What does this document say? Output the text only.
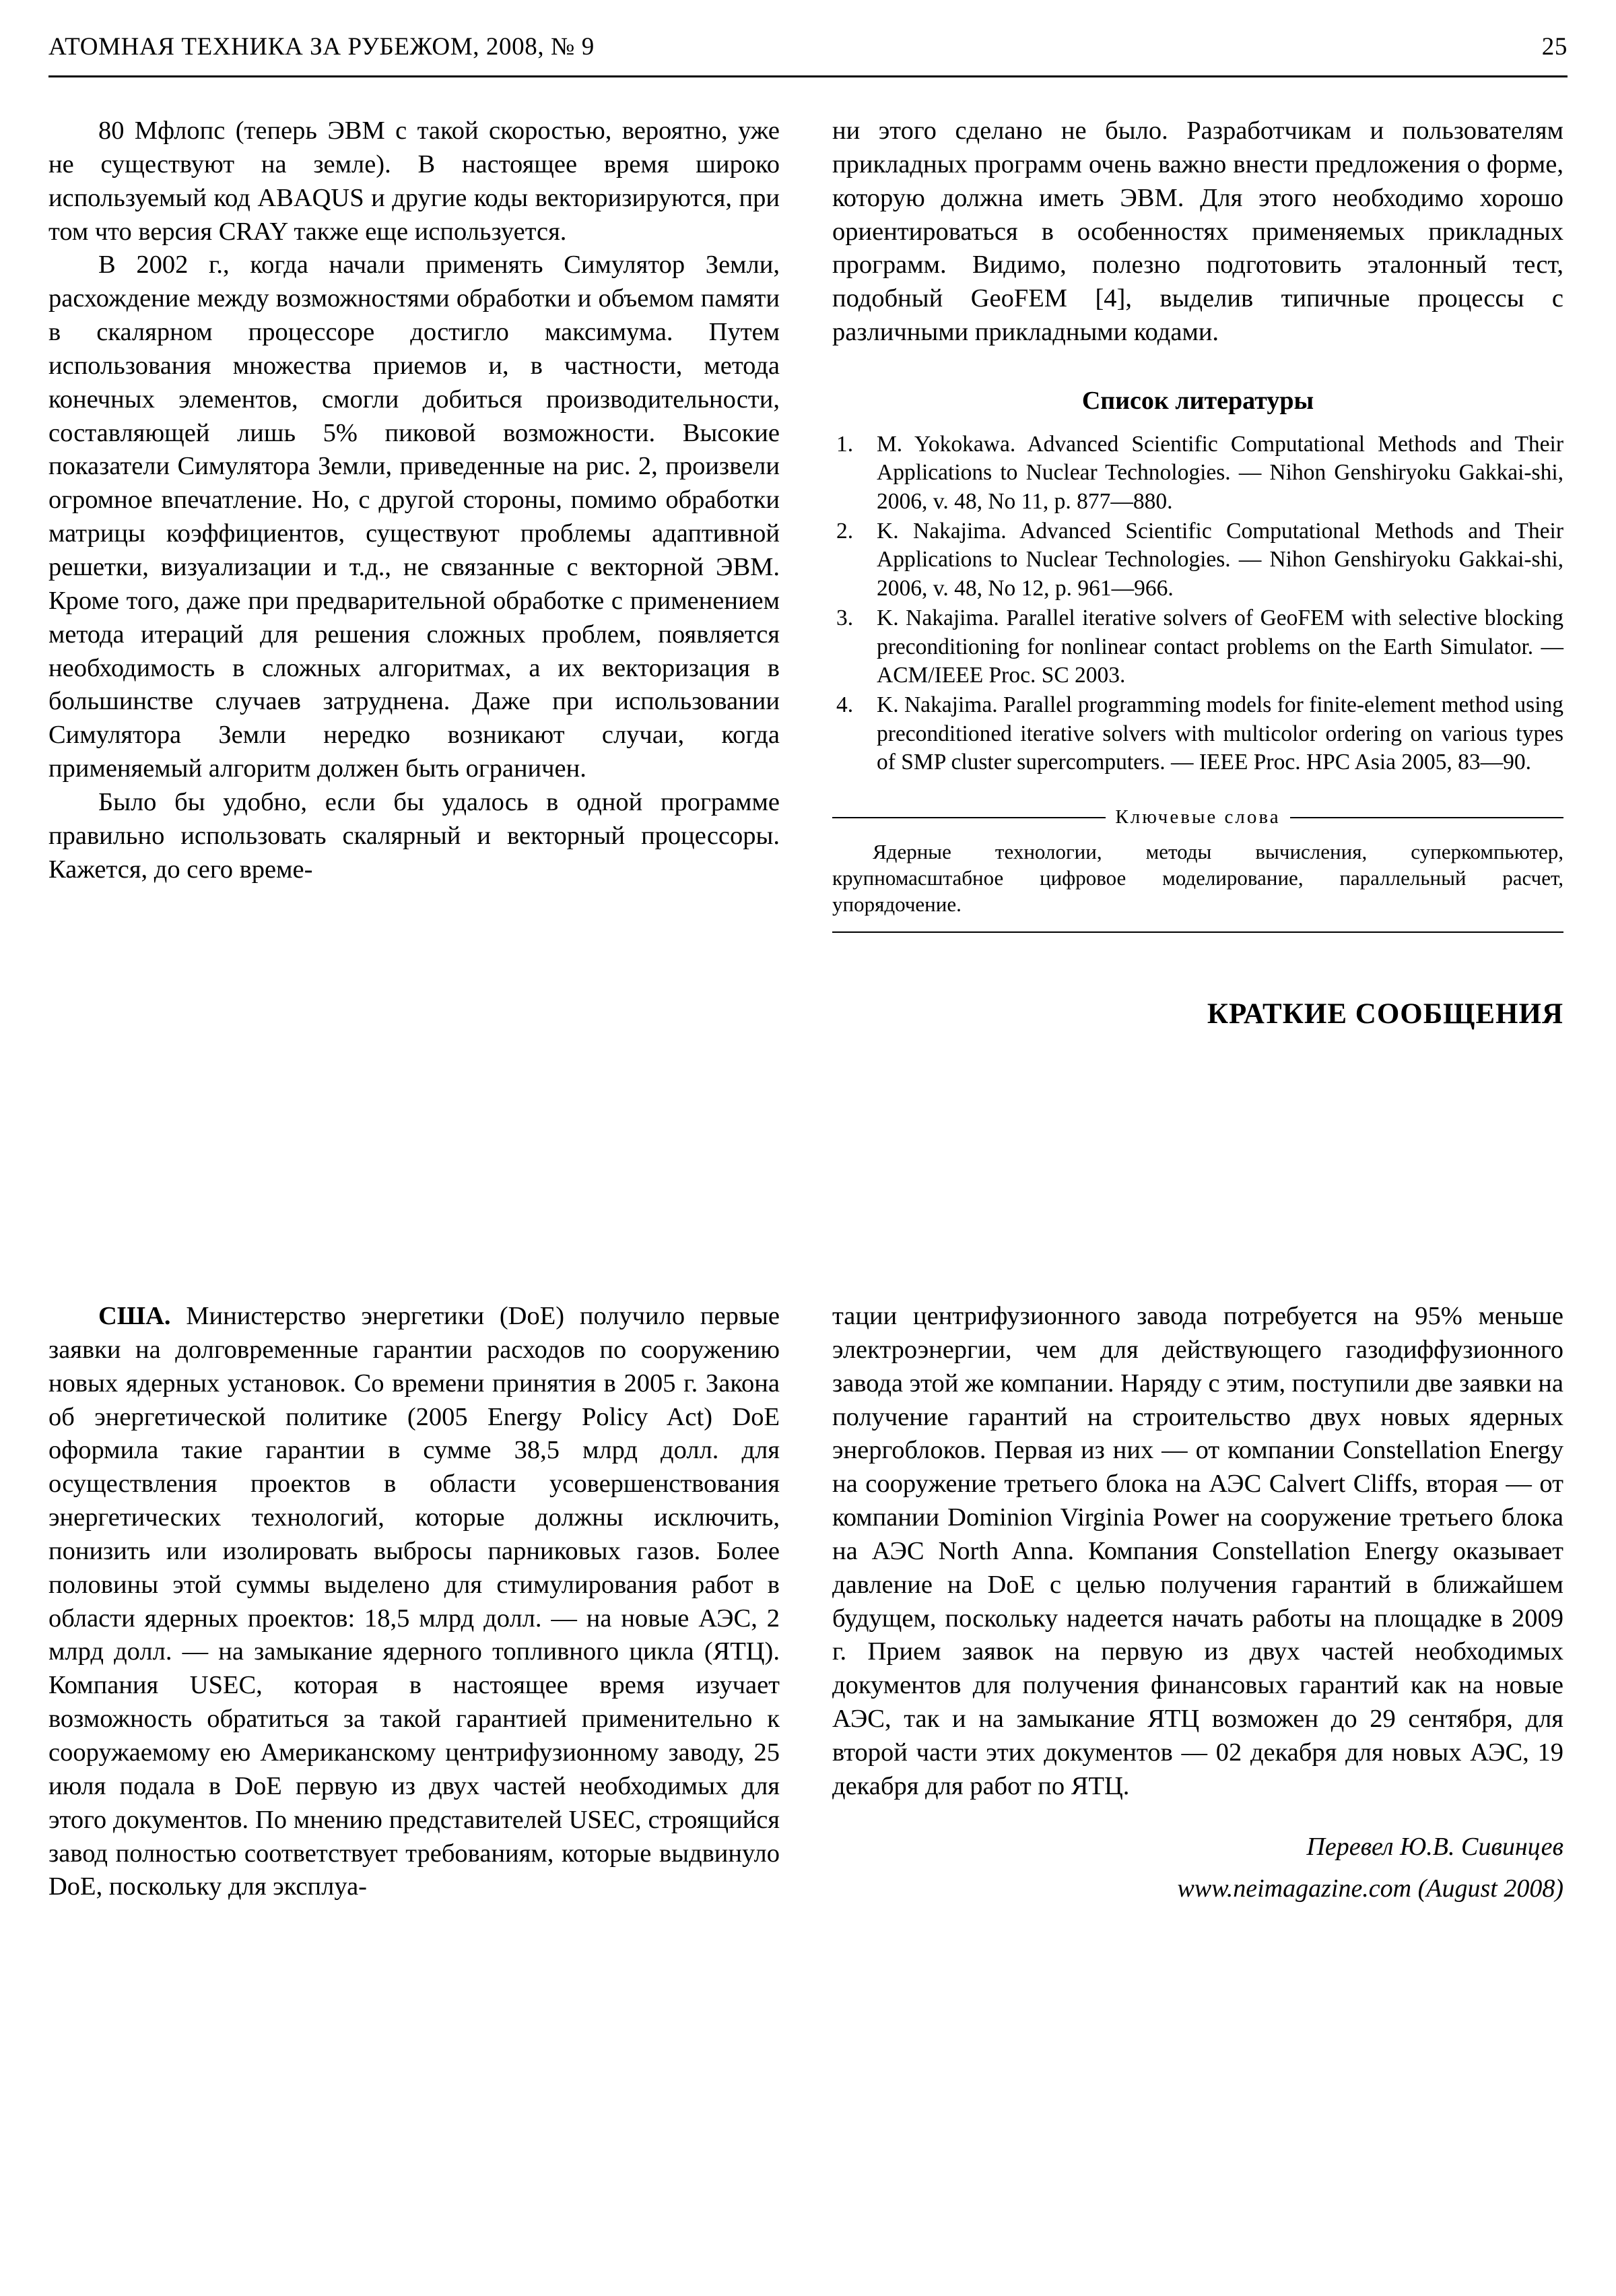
АТОМНАЯ ТЕХНИКА ЗА РУБЕЖОМ, 2008, № 9	25

80 Мфлопс (теперь ЭВМ с такой скоростью, вероятно, уже не существуют на земле). В настоящее время широко используемый код ABAQUS и другие коды векторизируются, при том что версия CRAY также еще используется.

В 2002 г., когда начали применять Симулятор Земли, расхождение между возможностями обработки и объемом памяти в скалярном процессоре достигло максимума. Путем использования множества приемов и, в частности, метода конечных элементов, смогли добиться производительности, составляющей лишь 5% пиковой возможности. Высокие показатели Симулятора Земли, приведенные на рис. 2, произвели огромное впечатление. Но, с другой стороны, помимо обработки матрицы коэффициентов, существуют проблемы адаптивной решетки, визуализации и т.д., не связанные с векторной ЭВМ. Кроме того, даже при предварительной обработке с применением метода итераций для решения сложных проблем, появляется необходимость в сложных алгоритмах, а их векторизация в большинстве случаев затруднена. Даже при использовании Симулятора Земли нередко возникают случаи, когда применяемый алгоритм должен быть ограничен.

Было бы удобно, если бы удалось в одной программе правильно использовать скалярный и векторный процессоры. Кажется, до сего време-

ни этого сделано не было. Разработчикам и пользователям прикладных программ очень важно внести предложения о форме, которую должна иметь ЭВМ. Для этого необходимо хорошо ориентироваться в особенностях применяемых прикладных программ. Видимо, полезно подготовить эталонный тест, подобный GeoFEM [4], выделив типичные процессы с различными прикладными кодами.

Список литературы
1.	M. Yokokawa. Advanced Scientific Computational Methods and Their Applications to Nuclear Technologies. — Nihon Genshiryoku Gakkai-shi, 2006, v. 48, No 11, p. 877—880.
2.	K. Nakajima. Advanced Scientific Computational Methods and Their Applications to Nuclear Technologies. — Nihon Genshiryoku Gakkai-shi, 2006, v. 48, No 12, p. 961—966.
3.	K. Nakajima. Parallel iterative solvers of GeoFEM with selective blocking preconditioning for nonlinear contact problems on the Earth Simulator. — ACM/IEEE Proc. SC 2003.
4.	K. Nakajima. Parallel programming models for finite-element method using preconditioned iterative solvers with multicolor ordering on various types of SMP cluster supercomputers. — IEEE Proc. HPC Asia 2005, 83—90.
Ключевые слова
Ядерные технологии, методы вычисления, суперкомпьютер, крупномасштабное цифровое моделирование, параллельный расчет, упорядочение.
КРАТКИЕ СООБЩЕНИЯ

США. Министерство энергетики (DoE) получило первые заявки на долговременные гарантии расходов по сооружению новых ядерных установок. Со времени принятия в 2005 г. Закона об энергетической политике (2005 Energy Policy Act) DoE оформила такие гарантии в сумме 38,5 млрд долл. для осуществления проектов в области усовершенствования энергетических технологий, которые должны исключить, понизить или изолировать выбросы парниковых газов. Более половины этой суммы выделено для стимулирования работ в области ядерных проектов: 18,5 млрд долл. — на новые АЭС, 2 млрд долл. — на замыкание ядерного топливного цикла (ЯТЦ). Компания USEC, которая в настоящее время изучает возможность обратиться за такой гарантией применительно к сооружаемому ею Американскому центрифузионному заводу, 25 июля подала в DoE первую из двух частей необходимых для этого документов. По мнению представителей USEC, строящийся завод полностью соответствует требованиям, которые выдвинуло DoE, поскольку для эксплуа-

тации центрифузионного завода потребуется на 95% меньше электроэнергии, чем для действующего газодиффузионного завода этой же компании. Наряду с этим, поступили две заявки на получение гарантий на строительство двух новых ядерных энергоблоков. Первая из них — от компании Constellation Energy на сооружение третьего блока на АЭС Calvert Cliffs, вторая — от компании Dominion Virginia Power на сооружение третьего блока на АЭС North Anna. Компания Constellation Energy оказывает давление на DoE с целью получения гарантий в ближайшем будущем, поскольку надеется начать работы на площадке в 2009 г. Прием заявок на первую из двух частей необходимых документов для получения финансовых гарантий как на новые АЭС, так и на замыкание ЯТЦ возможен до 29 сентября, для второй части этих документов — 02 декабря для новых АЭС, 19 декабря для работ по ЯТЦ.

Перевел Ю.В. Сивинцев
www.neimagazine.com (August 2008)
